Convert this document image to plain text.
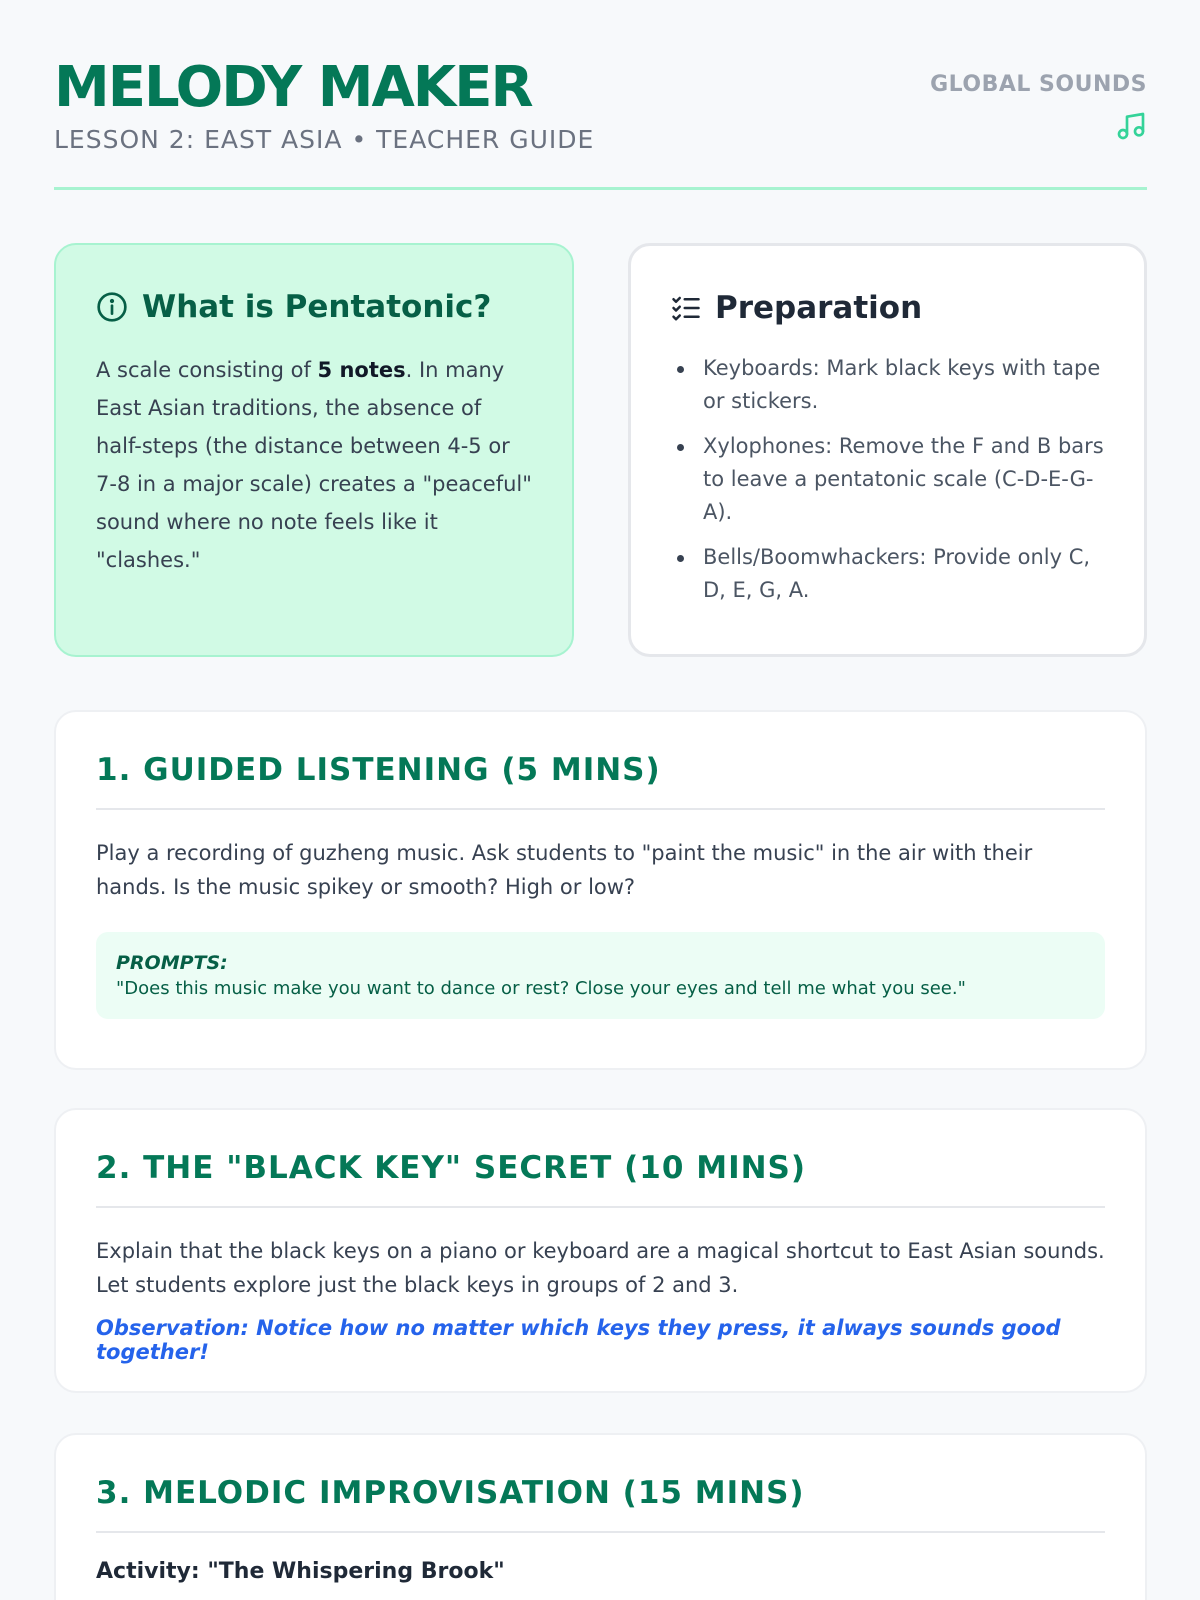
MELODY MAKER
LESSON 2: EAST ASIA • TEACHER GUIDE
GLOBAL SOUNDS
What is Pentatonic?

A scale consisting of 5 notes. In many East Asian traditions, the absence of half-steps (the distance between 4-5 or 7-8 in a major scale) creates a "peaceful" sound where no note feels like it "clashes."

Preparation
Keyboards: Mark black keys with tape or stickers.
Xylophones: Remove the F and B bars to leave a pentatonic scale (C-D-E-G-A).
Bells/Boomwhackers: Provide only C, D, E, G, A.
1. GUIDED LISTENING (5 MINS)

Play a recording of guzheng music. Ask students to "paint the music" in the air with their hands. Is the music spikey or smooth? High or low?

PROMPTS:
"Does this music make you want to dance or rest? Close your eyes and tell me what you see."
2. THE "BLACK KEY" SECRET (10 MINS)

Explain that the black keys on a piano or keyboard are a magical shortcut to East Asian sounds. Let students explore just the black keys in groups of 2 and 3.

Observation: Notice how no matter which keys they press, it always sounds good together!

3. MELODIC IMPROVISATION (15 MINS)

Activity: "The Whispering Brook"
